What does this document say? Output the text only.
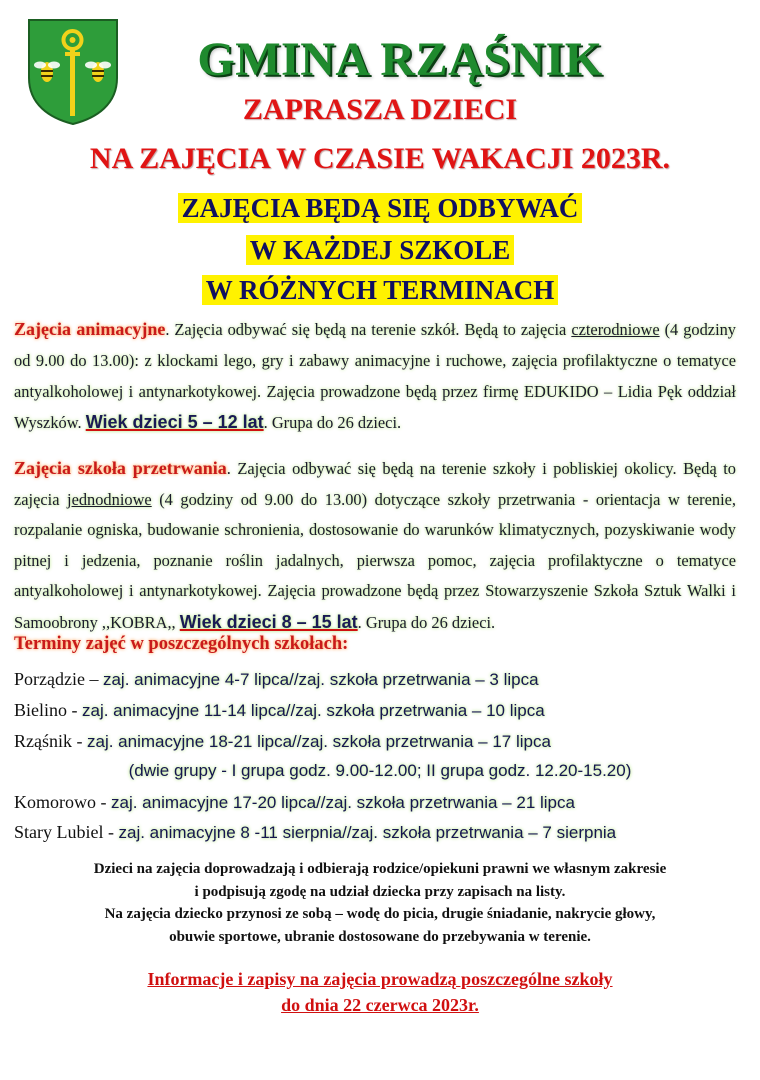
GMINA RZĄŚNIK
ZAPRASZA DZIECI
NA ZAJĘCIA W CZASIE WAKACJI 2023R.
ZAJĘCIA BĘDĄ SIĘ ODBYWAĆ
W KAŻDEJ SZKOLE
W RÓŻNYCH TERMINACH
Zajęcia animacyjne. Zajęcia odbywać się będą na terenie szkół. Będą to zajęcia czterodniowe (4 godziny od 9.00 do 13.00): z klockami lego, gry i zabawy animacyjne i ruchowe, zajęcia profilaktyczne o tematyce antyalkoholowej i antynarkotykowej. Zajęcia prowadzone będą przez firmę EDUKIDO – Lidia Pęk oddział Wyszków. Wiek dzieci 5 – 12 lat. Grupa do 26 dzieci.
Zajęcia szkoła przetrwania. Zajęcia odbywać się będą na terenie szkoły i pobliskiej okolicy. Będą to zajęcia jednodniowe (4 godziny od 9.00 do 13.00) dotyczące szkoły przetrwania - orientacja w terenie, rozpalanie ogniska, budowanie schronienia, dostosowanie do warunków klimatycznych, pozyskiwanie wody pitnej i jedzenia, poznanie roślin jadalnych, pierwsza pomoc, zajęcia profilaktyczne o tematyce antyalkoholowej i antynarkotykowej. Zajęcia prowadzone będą przez Stowarzyszenie Szkoła Sztuk Walki i Samoobrony ,,KOBRA,, Wiek dzieci 8 – 15 lat. Grupa do 26 dzieci.
Terminy zajęć w poszczególnych szkołach:
Porządzie – zaj. animacyjne 4-7 lipca//zaj. szkoła przetrwania – 3 lipca
Bielino - zaj. animacyjne 11-14 lipca//zaj. szkoła przetrwania – 10 lipca
Rząśnik - zaj. animacyjne 18-21 lipca//zaj. szkoła przetrwania – 17 lipca
(dwie grupy - I grupa godz. 9.00-12.00; II grupa godz. 12.20-15.20)
Komorowo - zaj. animacyjne 17-20 lipca//zaj. szkoła przetrwania – 21 lipca
Stary Lubiel - zaj. animacyjne 8 -11 sierpnia//zaj. szkoła przetrwania – 7 sierpnia
Dzieci na zajęcia doprowadzają i odbierają rodzice/opiekuni prawni we własnym zakresie
i podpisują zgodę na udział dziecka przy zapisach na listy.
Na zajęcia dziecko przynosi ze sobą – wodę do picia, drugie śniadanie, nakrycie głowy,
obuwie sportowe, ubranie dostosowane do przebywania w terenie.
Informacje i zapisy na zajęcia prowadzą poszczególne szkoły
do dnia 22 czerwca 2023r.
